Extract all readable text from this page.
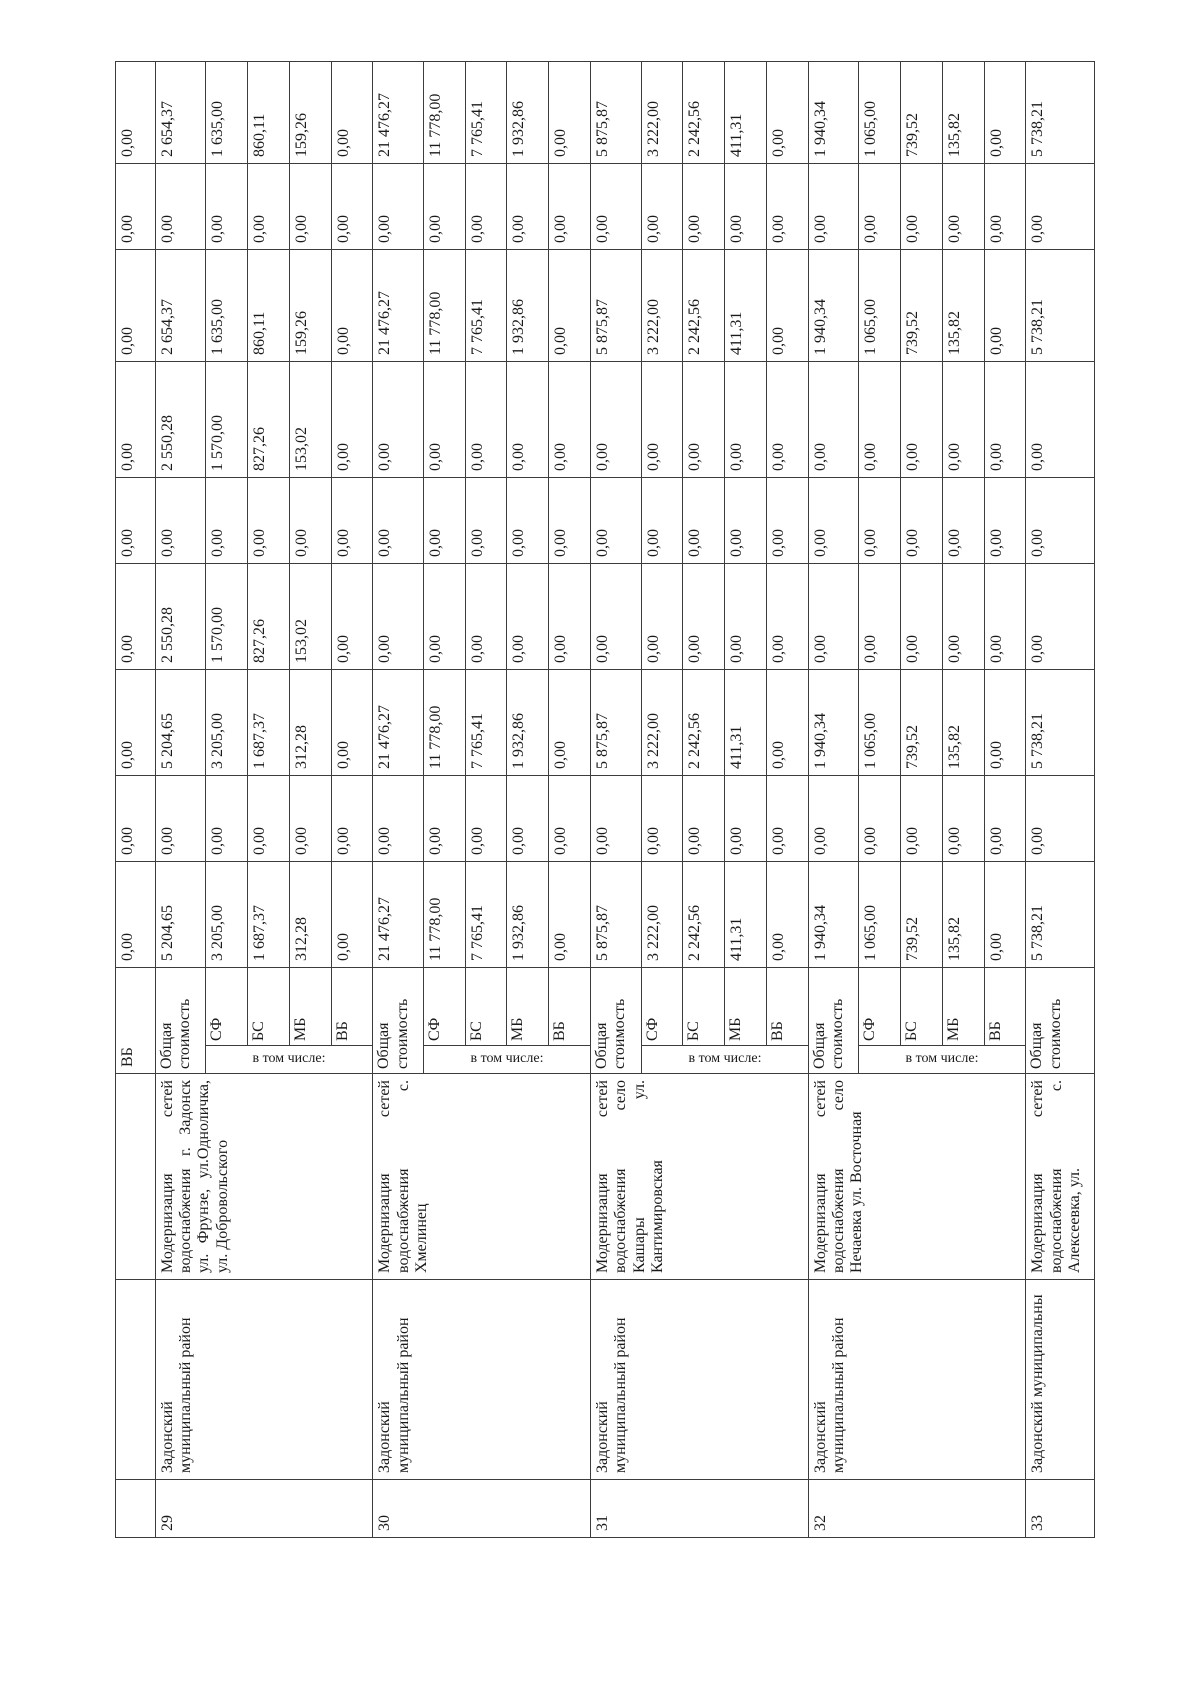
			ВБ		0,00	0,00	0,00	0,00	0,00	0,00	0,00	0,00	0,00
29	Задонский муниципальный район	Модернизация сетей водоснабжения г. Задонск ул. Фрунзе, ул.Одноличка, ул. Добровольского	Общая стоимость		5 204,65	0,00	5 204,65	2 550,28	0,00	2 550,28	2 654,37	0,00	2 654,37

			в том числе:	СФ	3 205,00	0,00	3 205,00	1 570,00	0,00	1 570,00	1 635,00	0,00	1 635,00
				БС	1 687,37	0,00	1 687,37	827,26	0,00	827,26	860,11	0,00	860,11
				МБ	312,28	0,00	312,28	153,02	0,00	153,02	159,26	0,00	159,26
				ВБ	0,00	0,00	0,00	0,00	0,00	0,00	0,00	0,00	0,00
30	Задонский муниципальный район	Модернизация сетей водоснабжения с. Хмелинец	Общая стоимость		21 476,27	0,00	21 476,27	0,00	0,00	0,00	21 476,27	0,00	21 476,27

			в том числе:	СФ	11 778,00	0,00	11 778,00	0,00	0,00	0,00	11 778,00	0,00	11 778,00
				БС	7 765,41	0,00	7 765,41	0,00	0,00	0,00	7 765,41	0,00	7 765,41
				МБ	1 932,86	0,00	1 932,86	0,00	0,00	0,00	1 932,86	0,00	1 932,86
				ВБ	0,00	0,00	0,00	0,00	0,00	0,00	0,00	0,00	0,00
31	Задонский муниципальный район	Модернизация сетей водоснабжения село Кашары ул. Кантимировская	Общая стоимость		5 875,87	0,00	5 875,87	0,00	0,00	0,00	5 875,87	0,00	5 875,87

			в том числе:	СФ	3 222,00	0,00	3 222,00	0,00	0,00	0,00	3 222,00	0,00	3 222,00
				БС	2 242,56	0,00	2 242,56	0,00	0,00	0,00	2 242,56	0,00	2 242,56
				МБ	411,31	0,00	411,31	0,00	0,00	0,00	411,31	0,00	411,31
				ВБ	0,00	0,00	0,00	0,00	0,00	0,00	0,00	0,00	0,00
32	Задонский муниципальный район	Модернизация сетей водоснабжения село Нечаевка ул. Восточная	Общая стоимость		1 940,34	0,00	1 940,34	0,00	0,00	0,00	1 940,34	0,00	1 940,34

			в том числе:	СФ	1 065,00	0,00	1 065,00	0,00	0,00	0,00	1 065,00	0,00	1 065,00
				БС	739,52	0,00	739,52	0,00	0,00	0,00	739,52	0,00	739,52
				МБ	135,82	0,00	135,82	0,00	0,00	0,00	135,82	0,00	135,82
				ВБ	0,00	0,00	0,00	0,00	0,00	0,00	0,00	0,00	0,00
33	Задонский муниципальны	Модернизация сетей водоснабжения с. Алексеевка, ул.	Общая стоимость		5 738,21	0,00	5 738,21	0,00	0,00	0,00	5 738,21	0,00	5 738,21
